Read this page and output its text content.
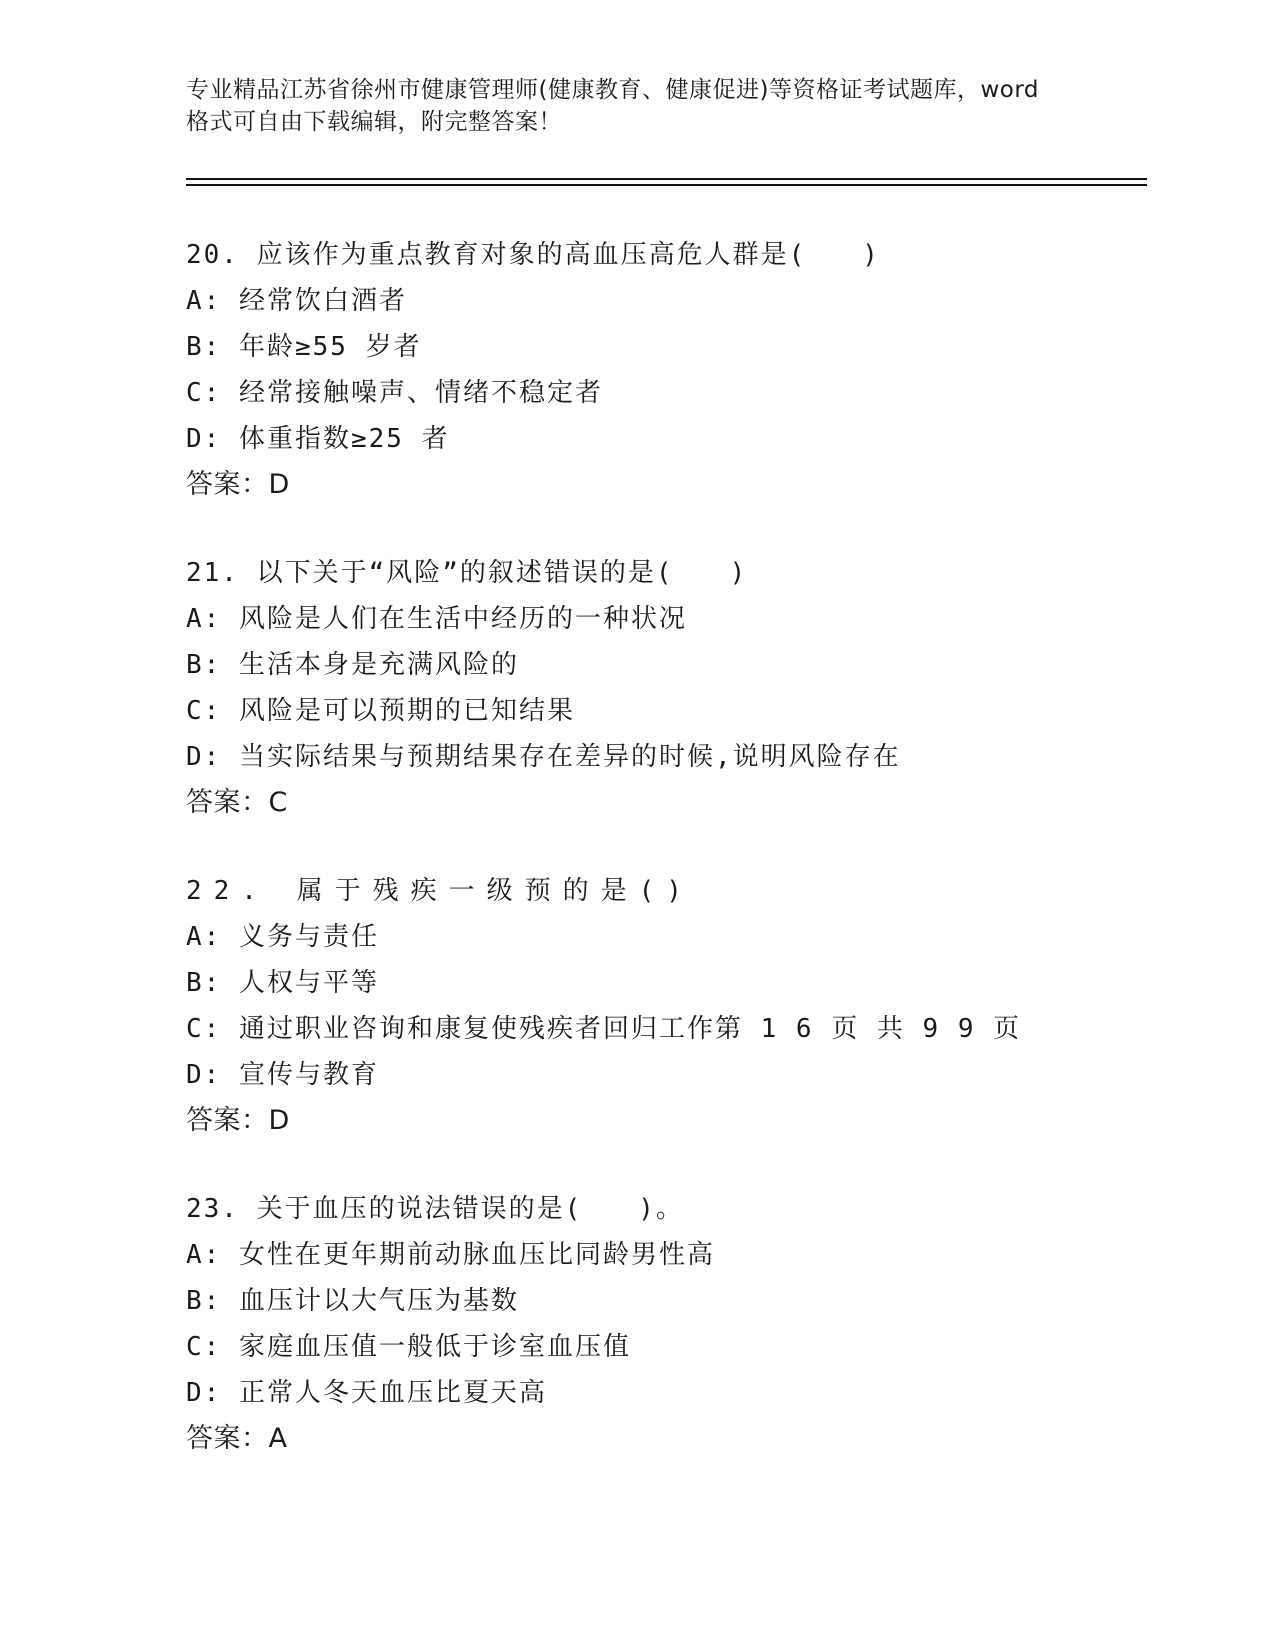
专业精品江苏省徐州市健康管理师(健康教育、健康促进)等资格证考试题库，word
格式可自由下载编辑，附完整答案！
20. 应该作为重点教育对象的高血压高危人群是(　　)
A: 经常饮白酒者
B: 年龄≥55 岁者
C: 经常接触噪声、情绪不稳定者
D: 体重指数≥25 者
答案：D
21. 以下关于“风险”的叙述错误的是(　　)
A: 风险是人们在生活中经历的一种状况
B: 生活本身是充满风险的
C: 风险是可以预期的已知结果
D: 当实际结果与预期结果存在差异的时候,说明风险存在
答案：C
22. 属于残疾一级预的是()
A: 义务与责任
B: 人权与平等
C: 通过职业咨询和康复使残疾者回归工作第 1 6 页 共 9 9 页
D: 宣传与教育
答案：D
23. 关于血压的说法错误的是(　　)。
A: 女性在更年期前动脉血压比同龄男性高
B: 血压计以大气压为基数
C: 家庭血压值一般低于诊室血压值
D: 正常人冬天血压比夏天高
答案：A
